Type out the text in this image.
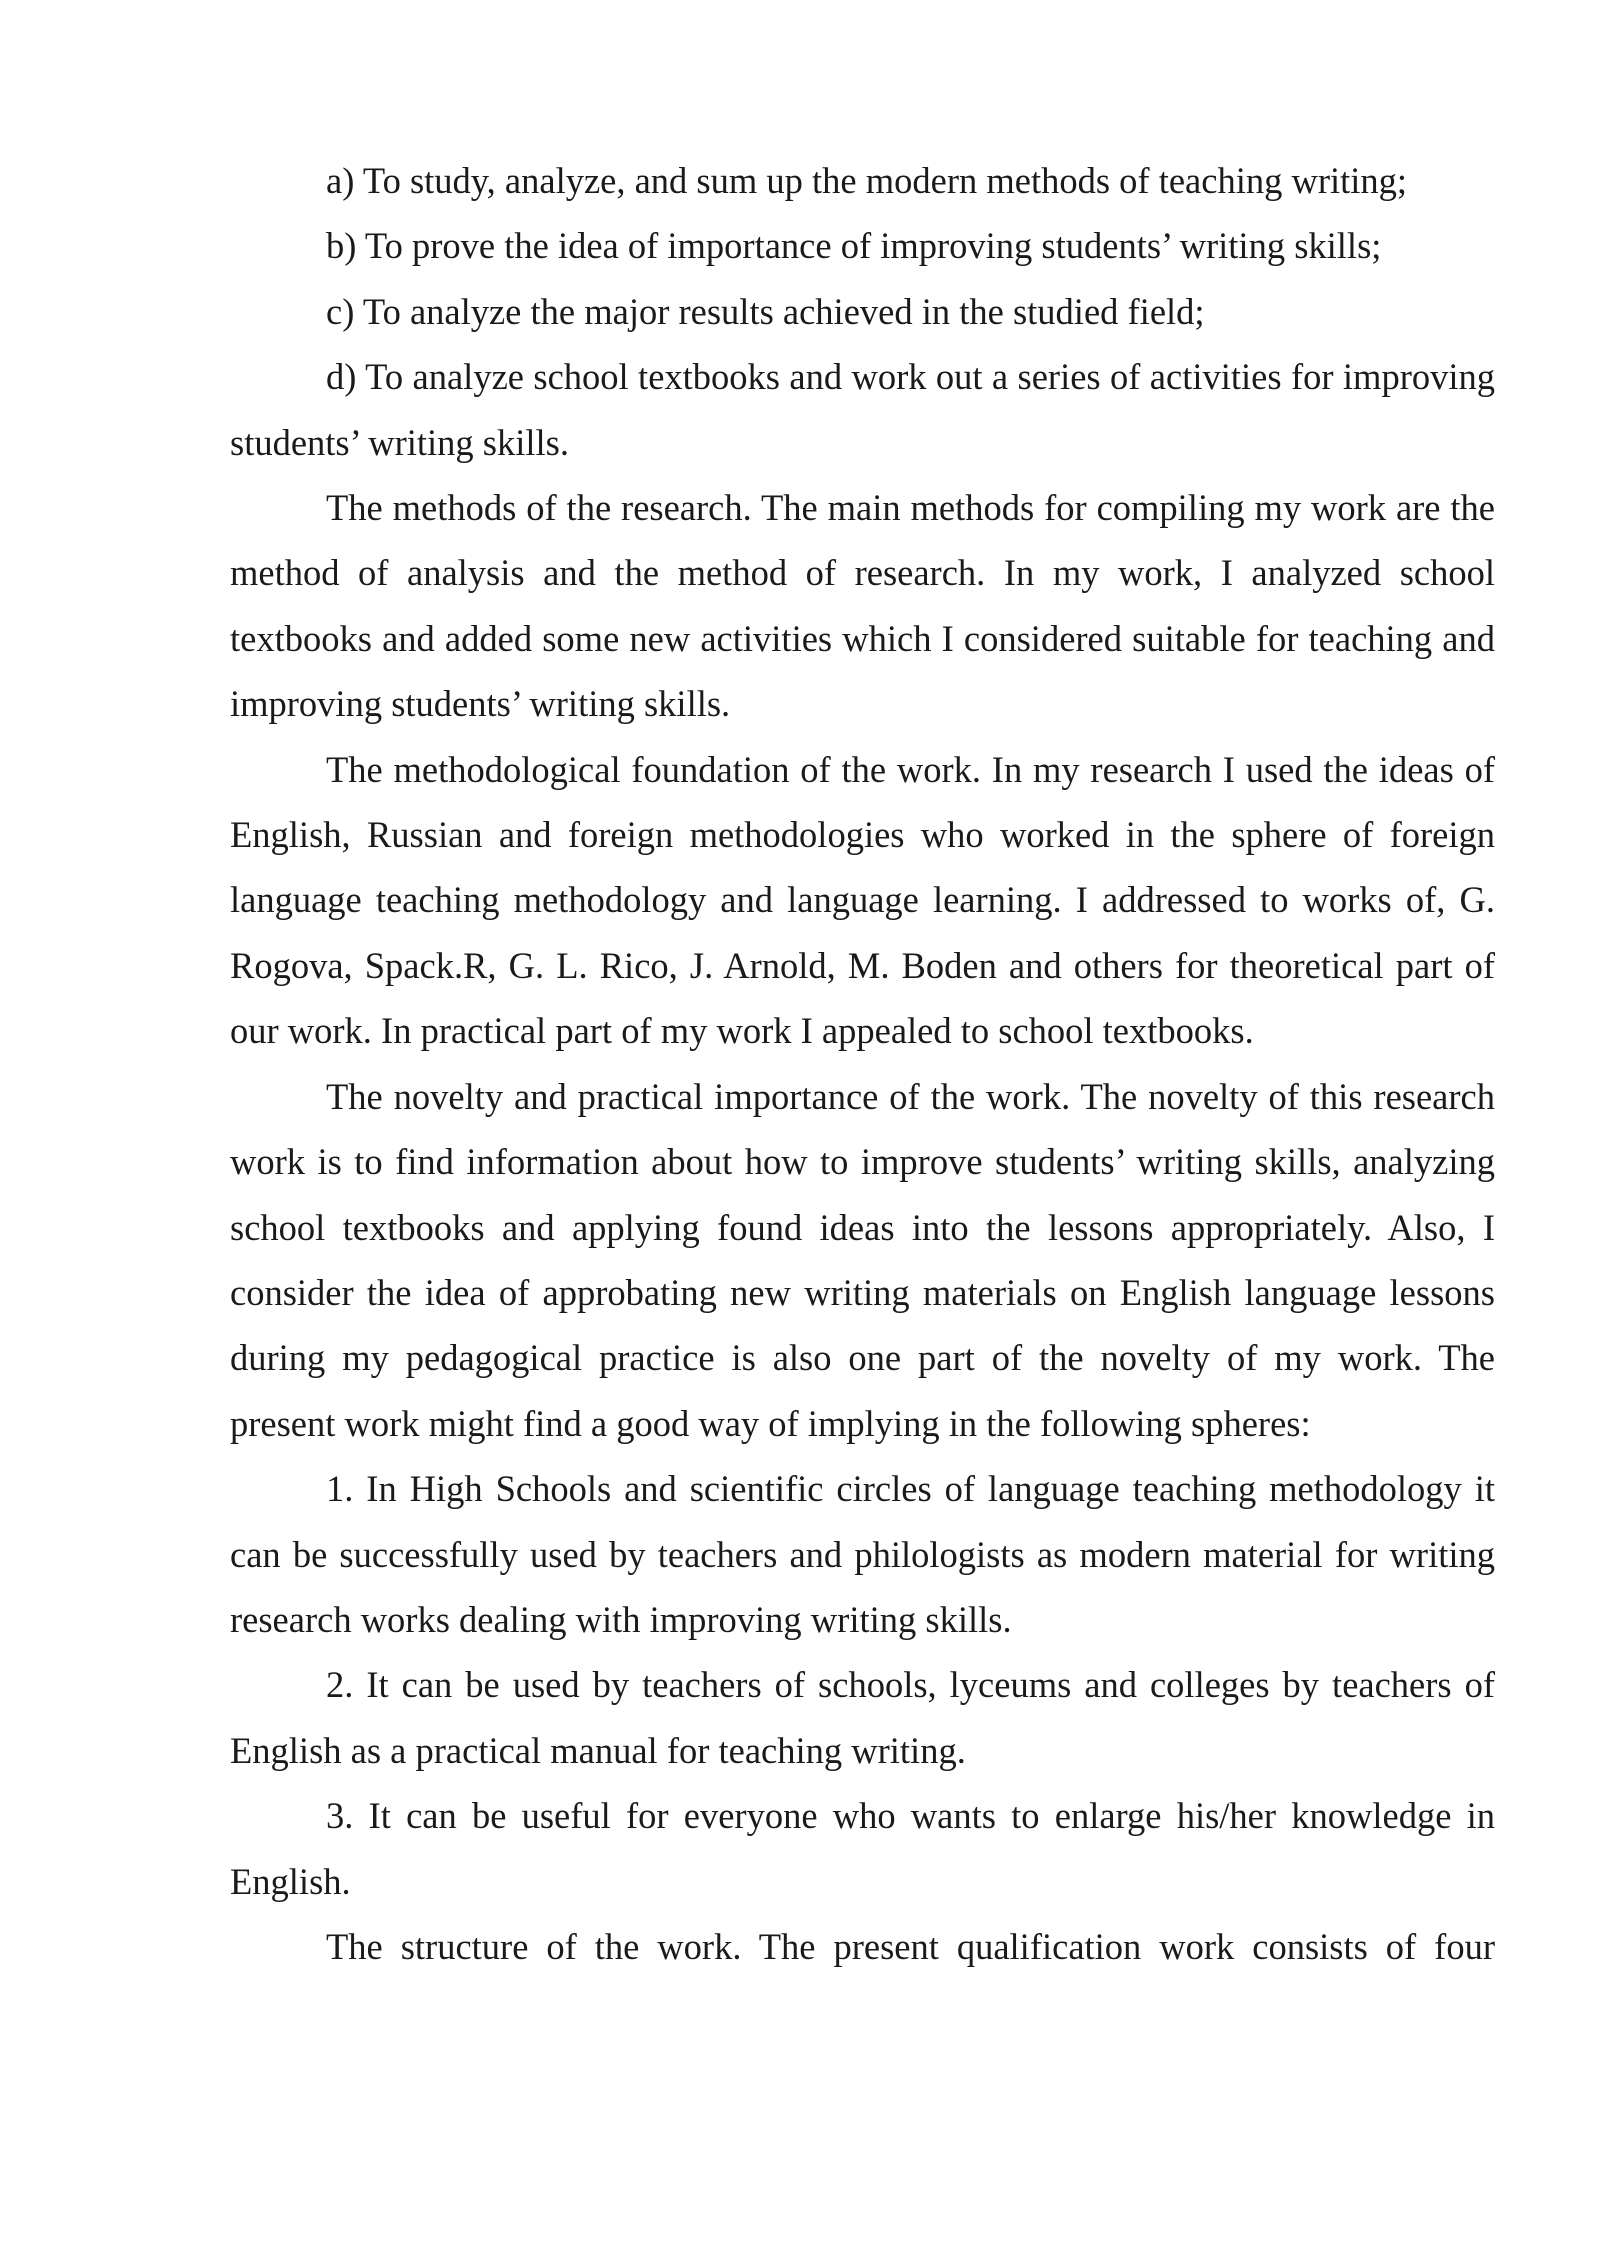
a) To study, analyze, and sum up the modern methods of teaching writing;

b) To prove the idea of importance of improving students’ writing skills;

c) To analyze the major results achieved in the studied field;

d) To analyze school textbooks and work out a series of activities for improving students’ writing skills.

The methods of the research. The main methods for compiling my work are the method of analysis and the method of research. In my work, I analyzed school textbooks and added some new activities which I considered suitable for teaching and improving students’ writing skills.

The methodological foundation of the work. In my research I used the ideas of English, Russian and foreign methodologies who worked in the sphere of foreign language teaching methodology and language learning. I addressed to works of, G. Rogova, Spack.R, G. L. Rico, J. Arnold, M. Boden and others for theoretical part of our work. In practical part of my work I appealed to school textbooks.

The novelty and practical importance of the work. The novelty of this research work is to find information about how to improve students’ writing skills, analyzing school textbooks and applying found ideas into the lessons appropriately. Also, I consider the idea of approbating new writing materials on English language lessons during my pedagogical practice is also one part of the novelty of my work. The present work might find a good way of implying in the following spheres:

1. In High Schools and scientific circles of language teaching methodology it can be successfully used by teachers and philologists as modern material for writing research works dealing with improving writing skills.

2. It can be used by teachers of schools, lyceums and colleges by teachers of English as a practical manual for teaching writing.

3. It can be useful for everyone who wants to enlarge his/her knowledge in English.

The structure of the work. The present qualification work consists of four
